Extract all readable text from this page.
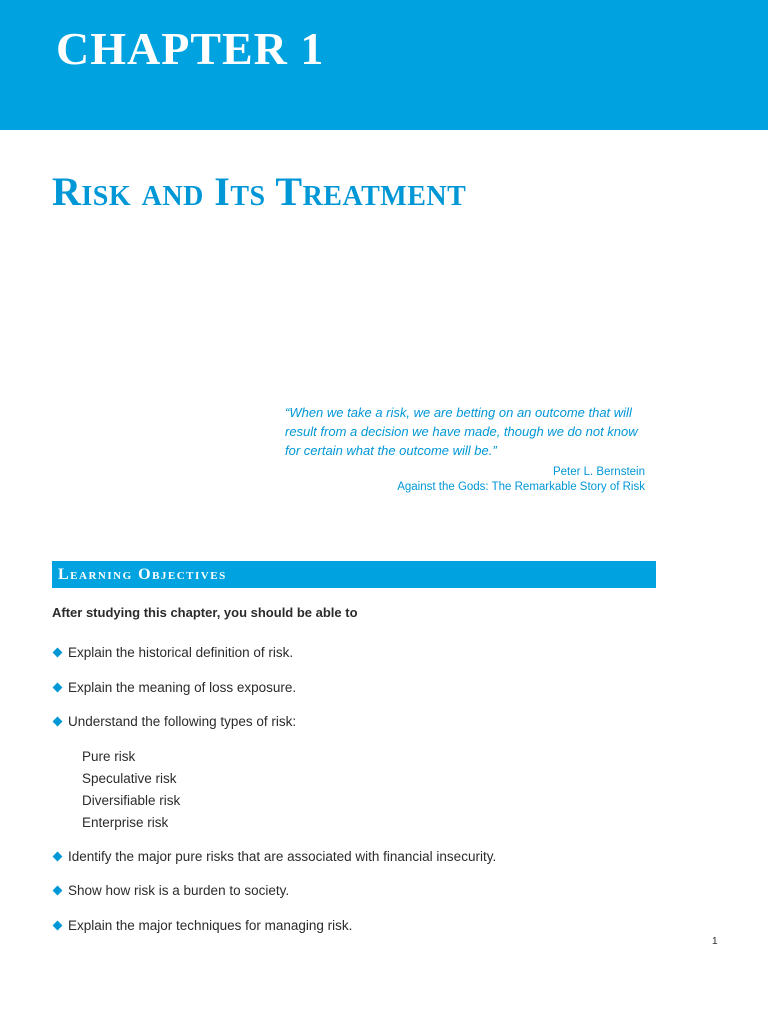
CHAPTER 1
Risk and Its Treatment

“When we take a risk, we are betting on an outcome that will result from a decision we have made, though we do not know for certain what the outcome will be.”

Peter L. Bernstein

Against the Gods: The Remarkable Story of Risk

Learning Objectives

After studying this chapter, you should be able to

Explain the historical definition of risk.
Explain the meaning of loss exposure.
Understand the following types of risk:
Pure risk
Speculative risk
Diversifiable risk
Enterprise risk
Identify the major pure risks that are associated with financial insecurity.
Show how risk is a burden to society.
Explain the major techniques for managing risk.
1
